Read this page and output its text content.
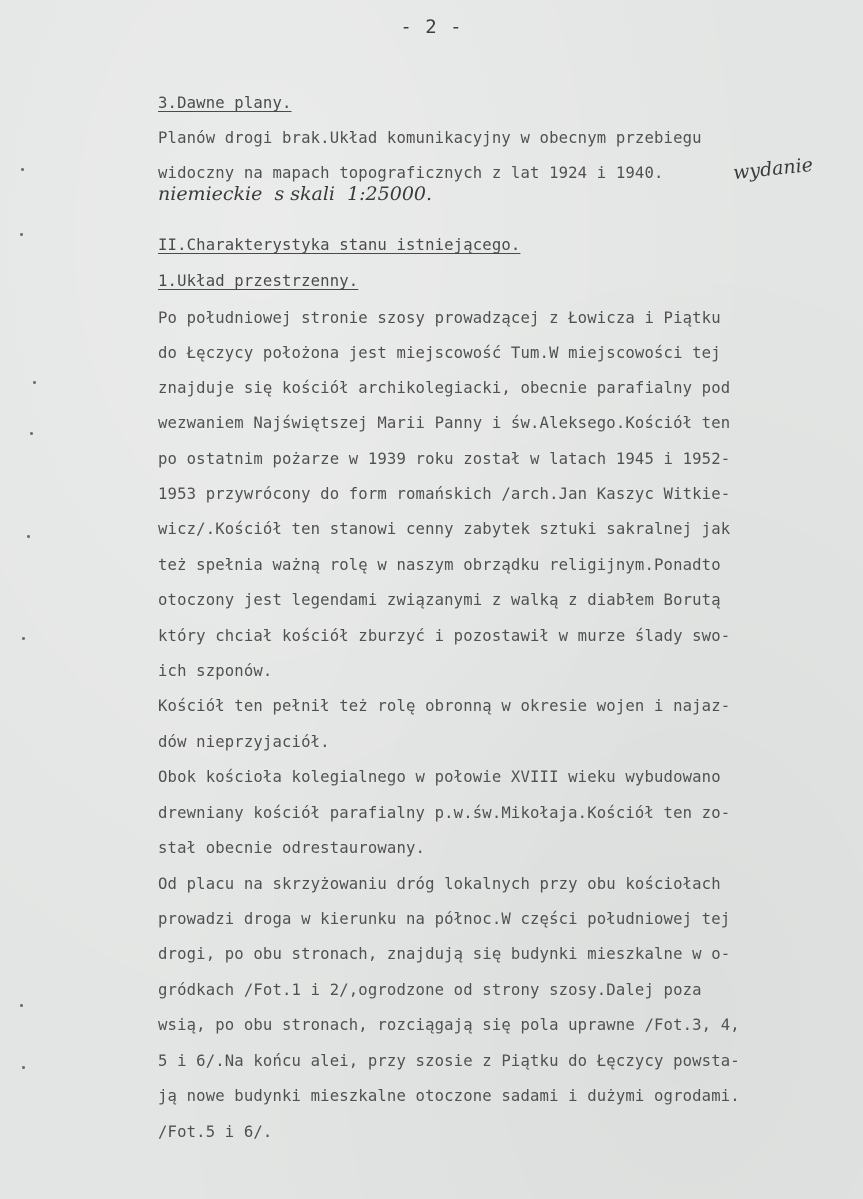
- 2 -
3.Dawne plany.
Planów drogi brak.Układ komunikacyjny w obecnym przebiegu
widoczny na mapach topograficznych z lat 1924 i 1940.	wydanie
niemieckie  s skali  1:25000.
II.Charakterystyka stanu istniejącego.
1.Układ przestrzenny.
Po południowej stronie szosy prowadzącej z Łowicza i Piątku
do Łęczycy położona jest miejscowość Tum.W miejscowości tej
znajduje się kościół archikolegiacki, obecnie parafialny pod
wezwaniem Najświętszej Marii Panny i św.Aleksego.Kościół ten
po ostatnim pożarze w 1939 roku został w latach 1945 i 1952-
1953 przywrócony do form romańskich /arch.Jan Kaszyc Witkie-
wicz/.Kościół ten stanowi cenny zabytek sztuki sakralnej jak
też spełnia ważną rolę w naszym obrządku religijnym.Ponadto
otoczony jest legendami związanymi z walką z diabłem Borutą
który chciał kościół zburzyć i pozostawił w murze ślady swo-
ich szponów.
Kościół ten pełnił też rolę obronną w okresie wojen i najaz-
dów nieprzyjaciół.
Obok kościoła kolegialnego w połowie XVIII wieku wybudowano
drewniany kościół parafialny p.w.św.Mikołaja.Kościół ten zo-
stał obecnie odrestaurowany.
Od placu na skrzyżowaniu dróg lokalnych przy obu kościołach
prowadzi droga w kierunku na północ.W części południowej tej
drogi, po obu stronach, znajdują się budynki mieszkalne w o-
gródkach /Fot.1 i 2/,ogrodzone od strony szosy.Dalej poza
wsią, po obu stronach, rozciągają się pola uprawne /Fot.3, 4,
5 i 6/.Na końcu alei, przy szosie z Piątku do Łęczycy powsta-
ją nowe budynki mieszkalne otoczone sadami i dużymi ogrodami.
/Fot.5 i 6/.
